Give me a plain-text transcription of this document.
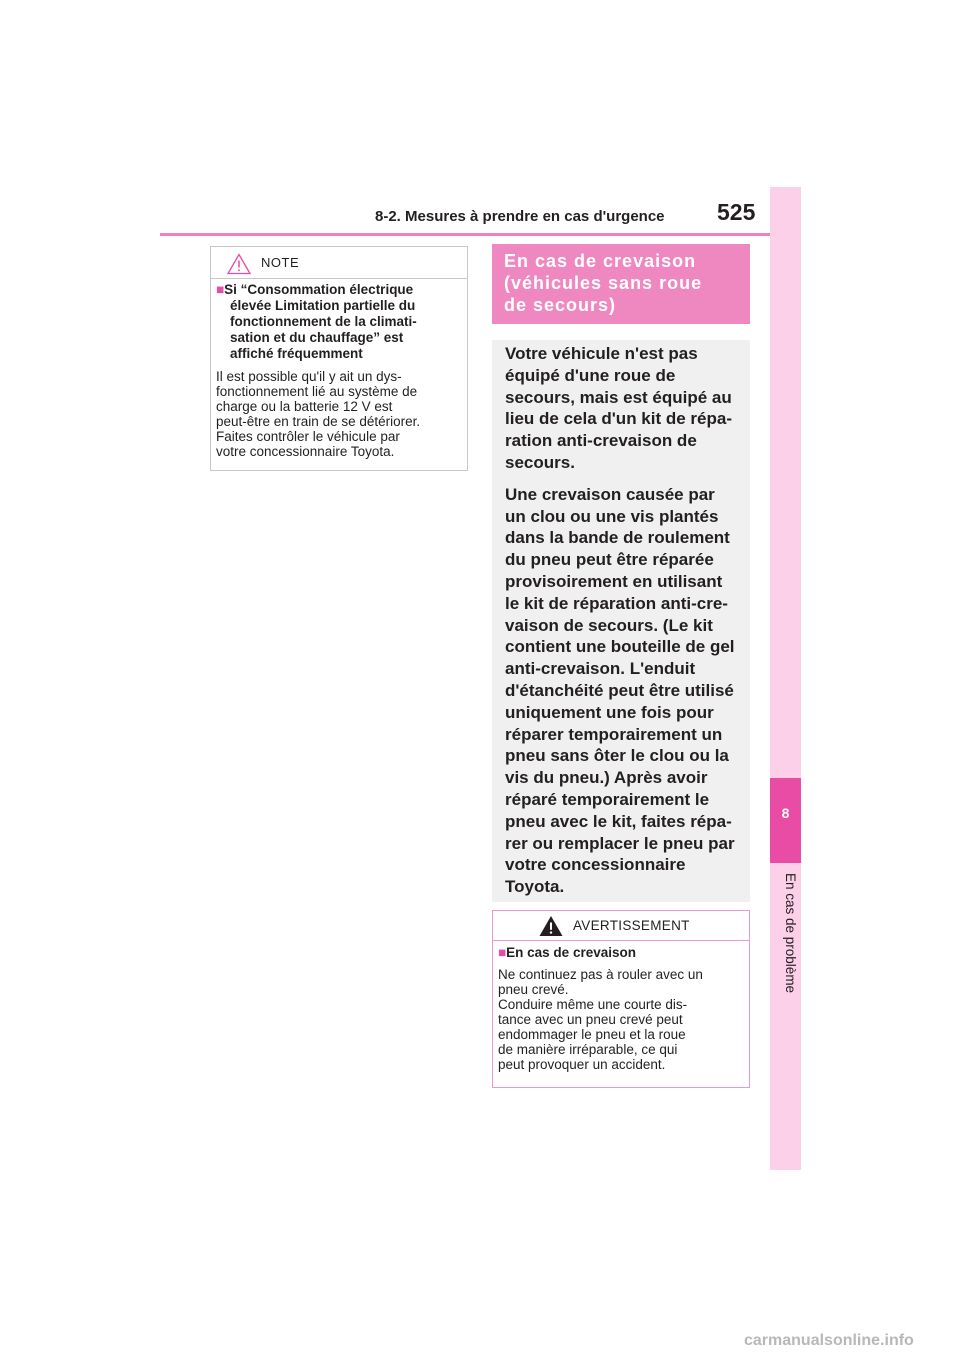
8-2. Mesures à prendre en cas d'urgence 525
8
En cas de problème
NOTE
■Si “Consommation électrique
élevée Limitation partielle du
fonctionnement de la climati-
sation et du chauffage” est
affiché fréquemment
Il est possible qu'il y ait un dys-
fonctionnement lié au système de
charge ou la batterie 12 V est
peut-être en train de se détériorer.
Faites contrôler le véhicule par
votre concessionnaire Toyota.
En cas de crevaison
(véhicules sans roue
de secours)

Votre véhicule n'est pas
équipé d'une roue de
secours, mais est équipé au
lieu de cela d'un kit de répa-
ration anti-crevaison de
secours.

Une crevaison causée par
un clou ou une vis plantés
dans la bande de roulement
du pneu peut être réparée
provisoirement en utilisant
le kit de réparation anti-cre-
vaison de secours. (Le kit
contient une bouteille de gel
anti-crevaison. L'enduit
d'étanchéité peut être utilisé
uniquement une fois pour
réparer temporairement un
pneu sans ôter le clou ou la
vis du pneu.) Après avoir
réparé temporairement le
pneu avec le kit, faites répa-
rer ou remplacer le pneu par
votre concessionnaire
Toyota.

AVERTISSEMENT
■En cas de crevaison
Ne continuez pas à rouler avec un
pneu crevé.
Conduire même une courte dis-
tance avec un pneu crevé peut
endommager le pneu et la roue
de manière irréparable, ce qui
peut provoquer un accident.
carmanualsonline.info
